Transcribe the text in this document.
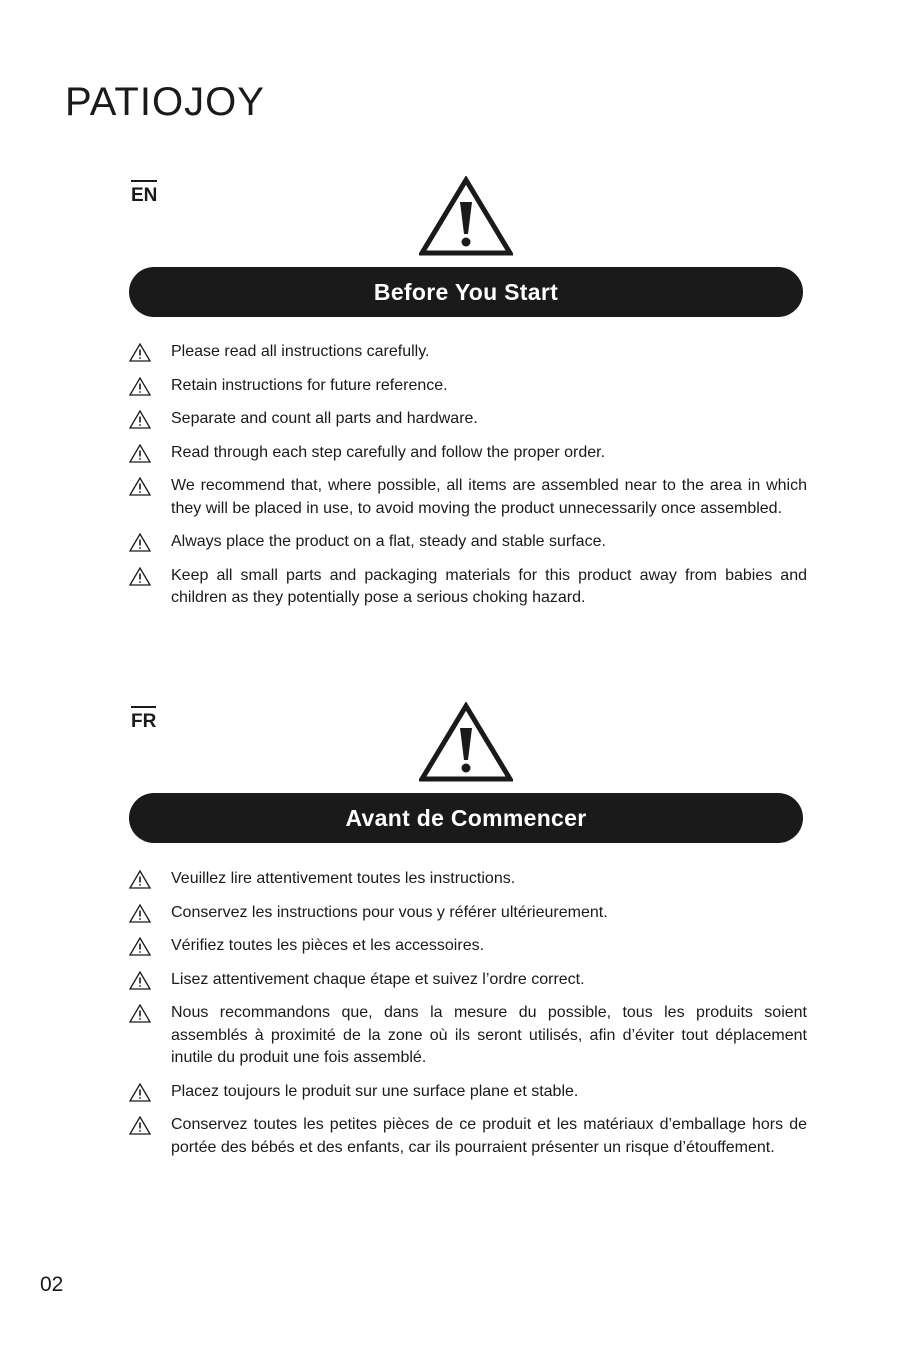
PATIOJOY
EN
Before You Start
Please read all instructions carefully.
Retain instructions for future reference.
Separate and count all parts and hardware.
Read through each step carefully and follow the proper order.
We recommend that, where possible, all items are assembled near to the area in which they will be placed in use, to avoid moving the product unnecessarily once assembled.
Always place the product on a flat, steady and stable surface.
Keep all small parts and packaging materials for this product away from babies and children as they potentially pose a serious choking hazard.
FR
Avant de Commencer
Veuillez lire attentivement toutes les instructions.
Conservez les instructions pour vous y référer ultérieurement.
Vérifiez toutes les pièces et les accessoires.
Lisez attentivement chaque étape et suivez l’ordre correct.
Nous recommandons que, dans la mesure du possible, tous les produits soient assemblés à proximité de la zone où ils seront utilisés, afin d’éviter tout déplacement inutile du produit une fois assemblé.
Placez toujours le produit sur une surface plane et stable.
Conservez toutes les petites pièces de ce produit et les matériaux d’emballage hors de portée des bébés et des enfants, car ils pourraient présenter un risque d’étouffement.
02
